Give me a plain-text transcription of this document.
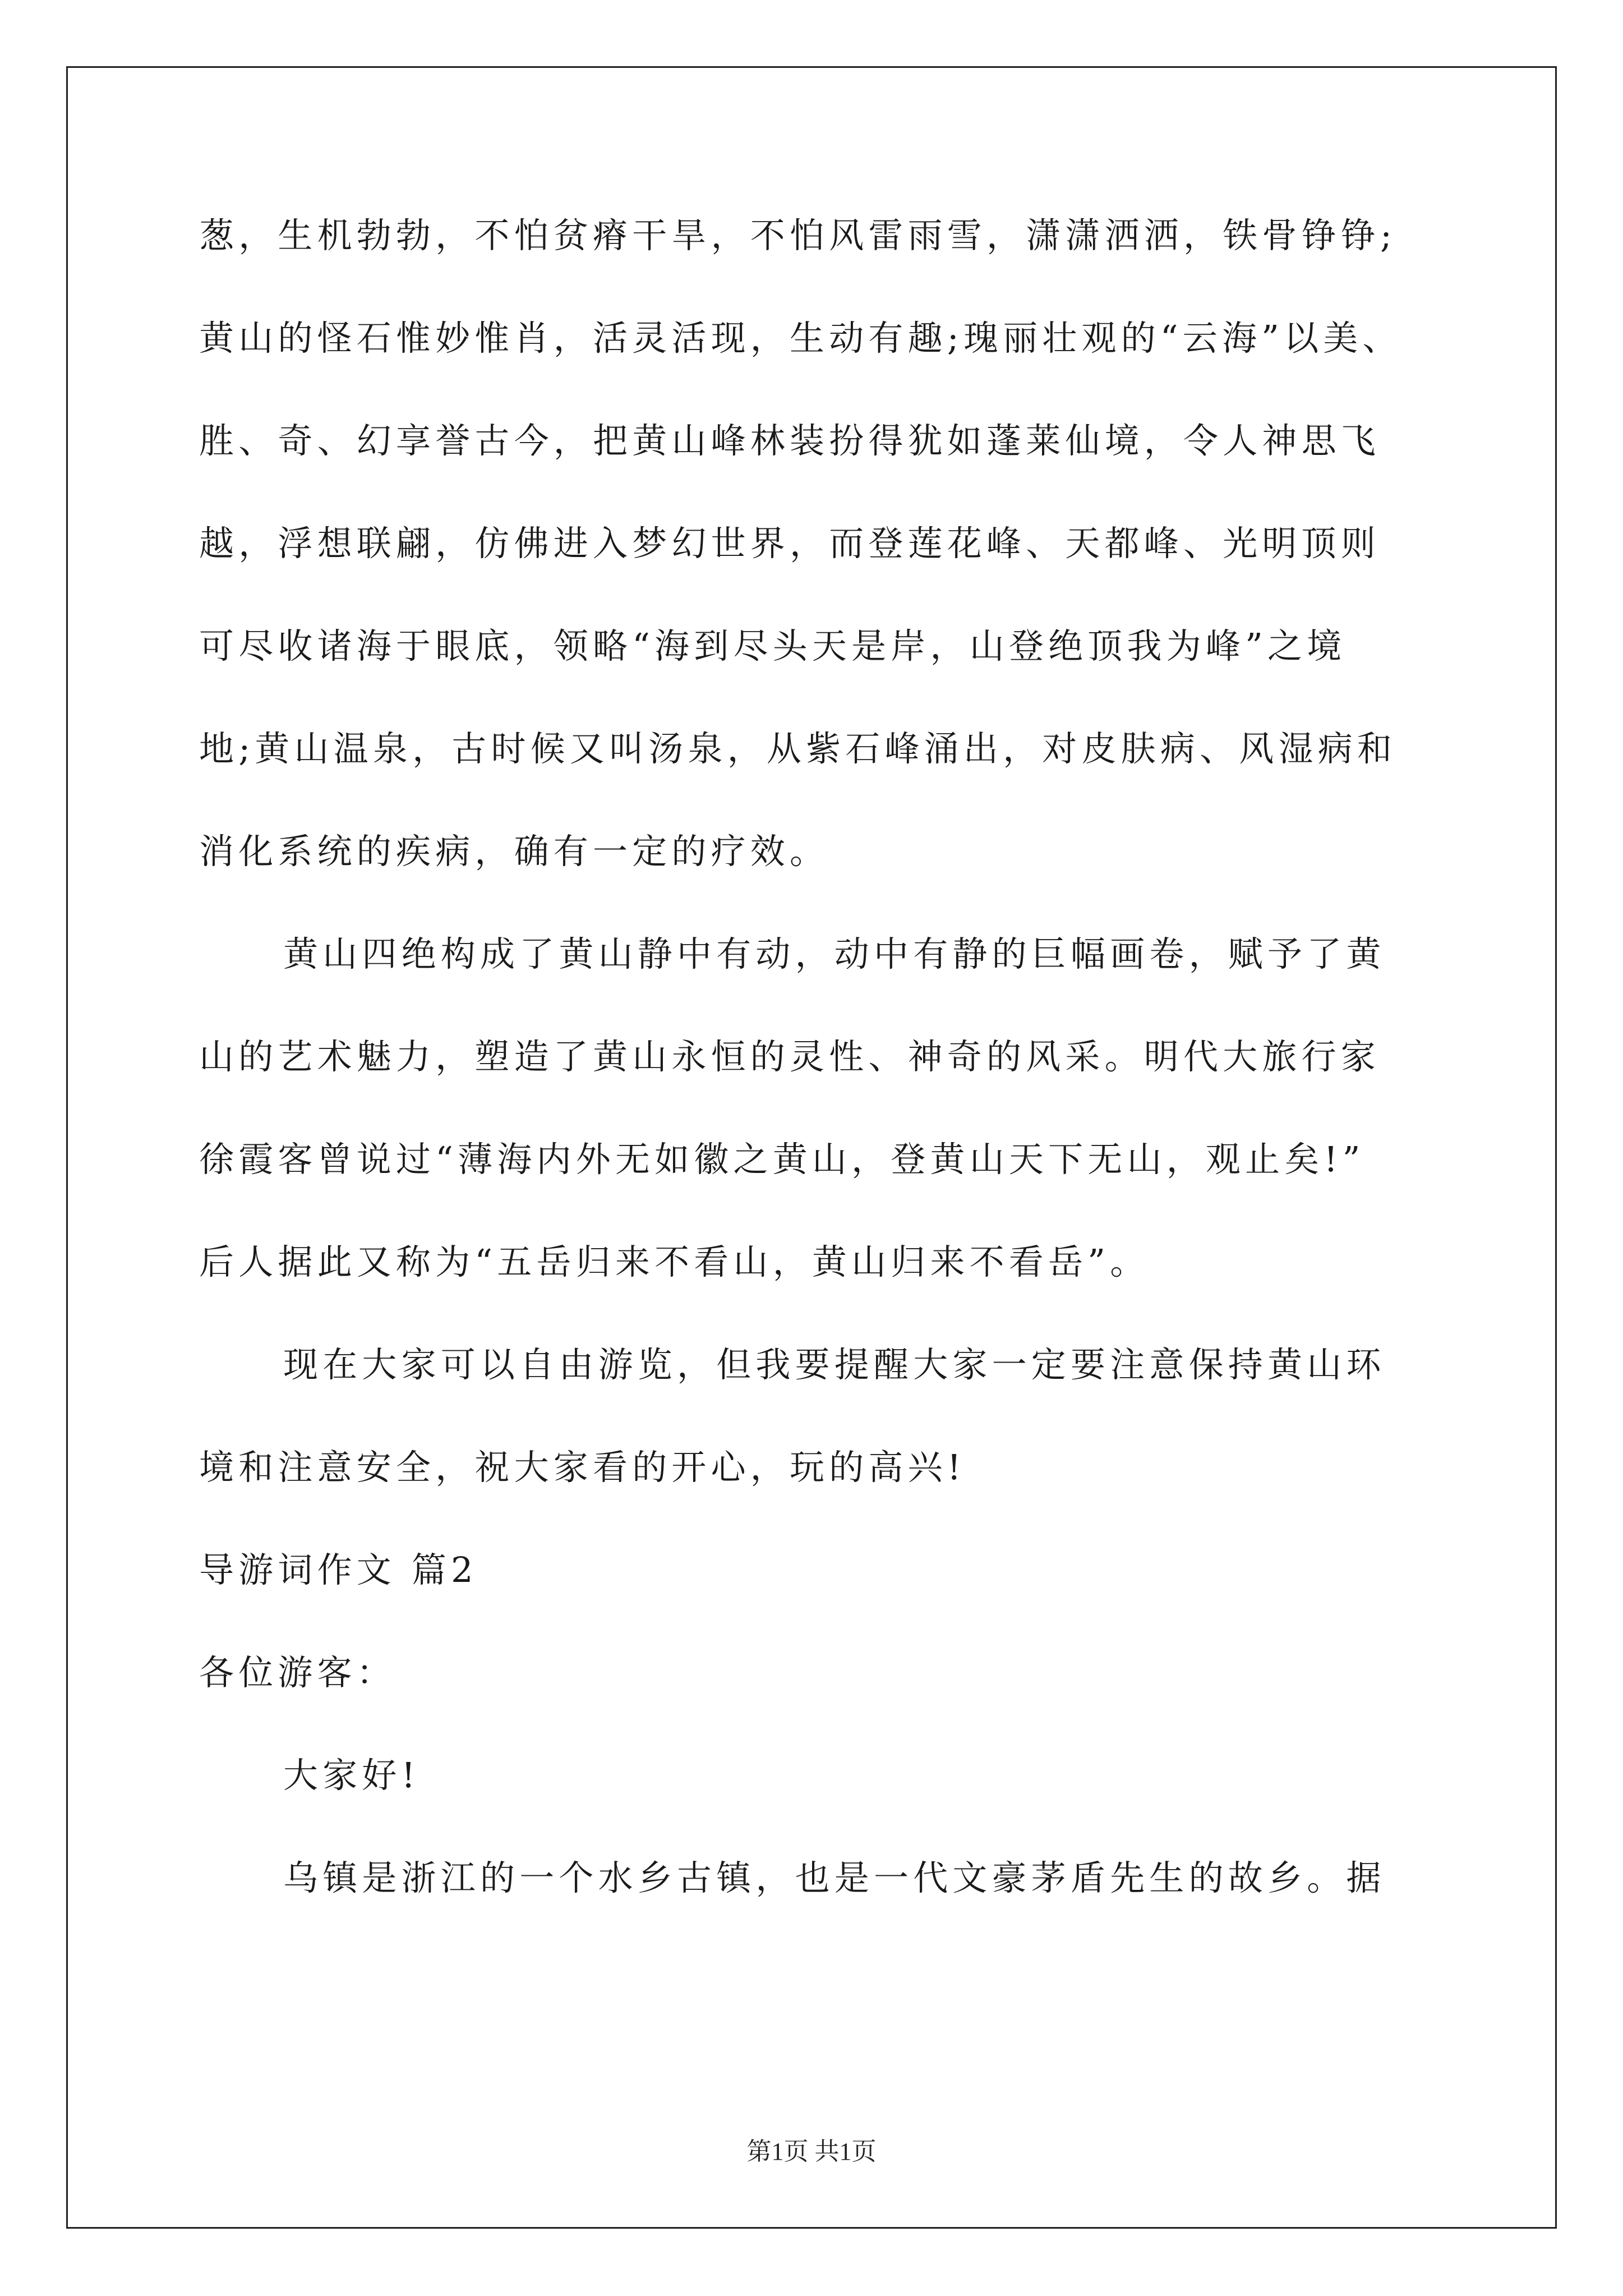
葱，生机勃勃，不怕贫瘠干旱，不怕风雷雨雪，潇潇洒洒，铁骨铮铮;
黄山的怪石惟妙惟肖，活灵活现，生动有趣;瑰丽壮观的“云海”以美、
胜、奇、幻享誉古今，把黄山峰林装扮得犹如蓬莱仙境，令人神思飞
越，浮想联翩，仿佛进入梦幻世界，而登莲花峰、天都峰、光明顶则
可尽收诸海于眼底，领略“海到尽头天是岸，山登绝顶我为峰”之境
地;黄山温泉，古时候又叫汤泉，从紫石峰涌出，对皮肤病、风湿病和
消化系统的疾病，确有一定的疗效。
黄山四绝构成了黄山静中有动，动中有静的巨幅画卷，赋予了黄
山的艺术魅力，塑造了黄山永恒的灵性、神奇的风采。明代大旅行家
徐霞客曾说过“薄海内外无如徽之黄山，登黄山天下无山，观止矣!”
后人据此又称为“五岳归来不看山，黄山归来不看岳”。
现在大家可以自由游览，但我要提醒大家一定要注意保持黄山环
境和注意安全，祝大家看的开心，玩的高兴!
导游词作文 篇2
各位游客：
大家好!
乌镇是浙江的一个水乡古镇，也是一代文豪茅盾先生的故乡。据
第1页 共1页
